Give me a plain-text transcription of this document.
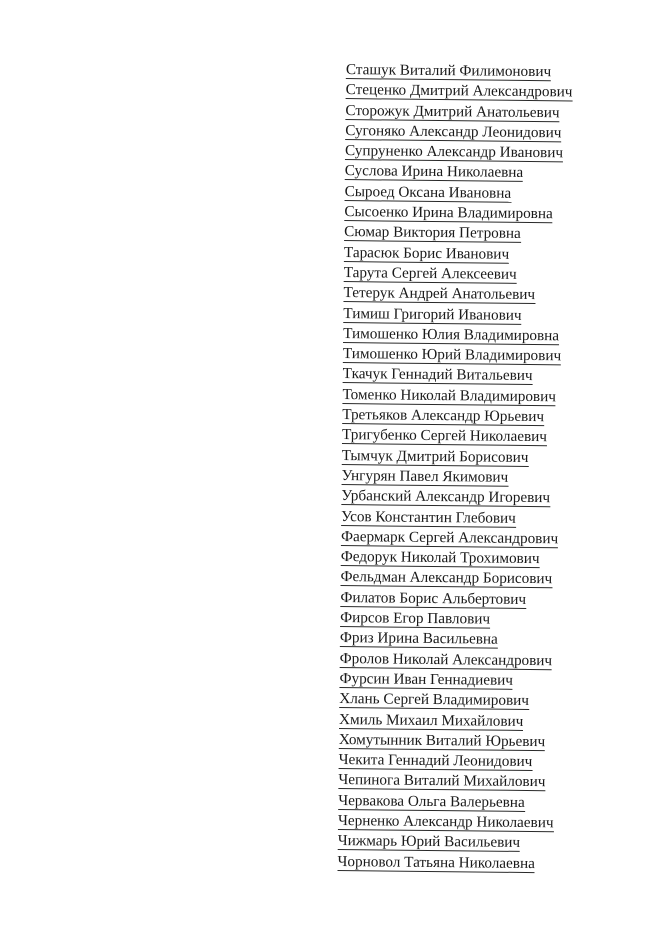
Сташук Виталий Филимонович
Стеценко Дмитрий Александрович
Сторожук Дмитрий Анатольевич
Сугоняко Александр Леонидович
Супруненко Александр Иванович
Суслова Ирина Николаевна
Сыроед Оксана Ивановна
Сысоенко Ирина Владимировна
Сюмар Виктория Петровна
Тарасюк Борис Иванович
Тарута Сергей Алексеевич
Тетерук Андрей Анатольевич
Тимиш Григорий Иванович
Тимошенко Юлия Владимировна
Тимошенко Юрий Владимирович
Ткачук Геннадий Витальевич
Томенко Николай Владимирович
Третьяков Александр Юрьевич
Тригубенко Сергей Николаевич
Тымчук Дмитрий Борисович
Унгурян Павел Якимович
Урбанский Александр Игоревич
Усов Константин Глебович
Фаермарк Сергей Александрович
Федорук Николай Трохимович
Фельдман Александр Борисович
Филатов Борис Альбертович
Фирсов Егор Павлович
Фриз Ирина Васильевна
Фролов Николай Александрович
Фурсин Иван Геннадиевич
Хлань Сергей Владимирович
Хмиль Михаил Михайлович
Хомутынник Виталий Юрьевич
Чекита Геннадий Леонидович
Чепинога Виталий Михайлович
Червакова Ольга Валерьевна
Черненко Александр Николаевич
Чижмарь Юрий Васильевич
Чорновол Татьяна Николаевна
